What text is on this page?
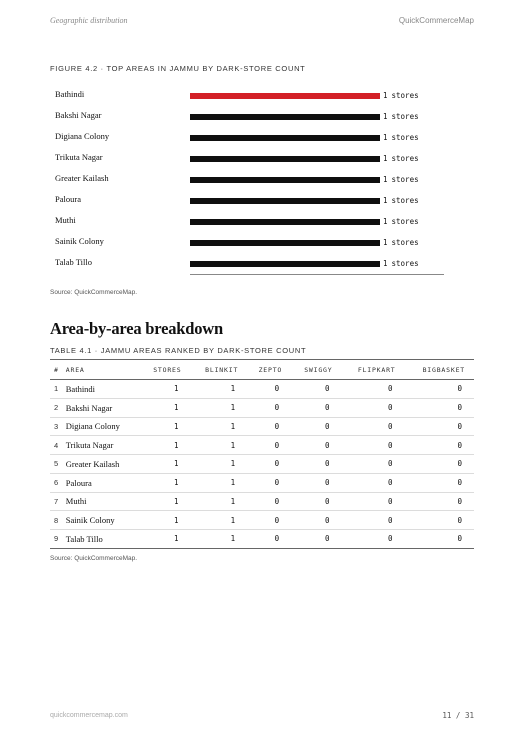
Geographic distribution	QuickCommerceMap
FIGURE 4.2 · TOP AREAS IN JAMMU BY DARK-STORE COUNT
Bathindi	1 stores
Bakshi Nagar	1 stores
Digiana Colony	1 stores
Trikuta Nagar	1 stores
Greater Kailash	1 stores
Paloura	1 stores
Muthi	1 stores
Sainik Colony	1 stores
Talab Tillo	1 stores
Source: QuickCommerceMap.
Area-by-area breakdown
TABLE 4.1 · JAMMU AREAS RANKED BY DARK-STORE COUNT
#	AREA	STORES	BLINKIT	ZEPTO	SWIGGY	FLIPKART	BIGBASKET
1	Bathindi	1	1	0	0	0	0
2	Bakshi Nagar	1	1	0	0	0	0
3	Digiana Colony	1	1	0	0	0	0
4	Trikuta Nagar	1	1	0	0	0	0
5	Greater Kailash	1	1	0	0	0	0
6	Paloura	1	1	0	0	0	0
7	Muthi	1	1	0	0	0	0
8	Sainik Colony	1	1	0	0	0	0
9	Talab Tillo	1	1	0	0	0	0
Source: QuickCommerceMap.
quickcommercemap.com	11 / 31
